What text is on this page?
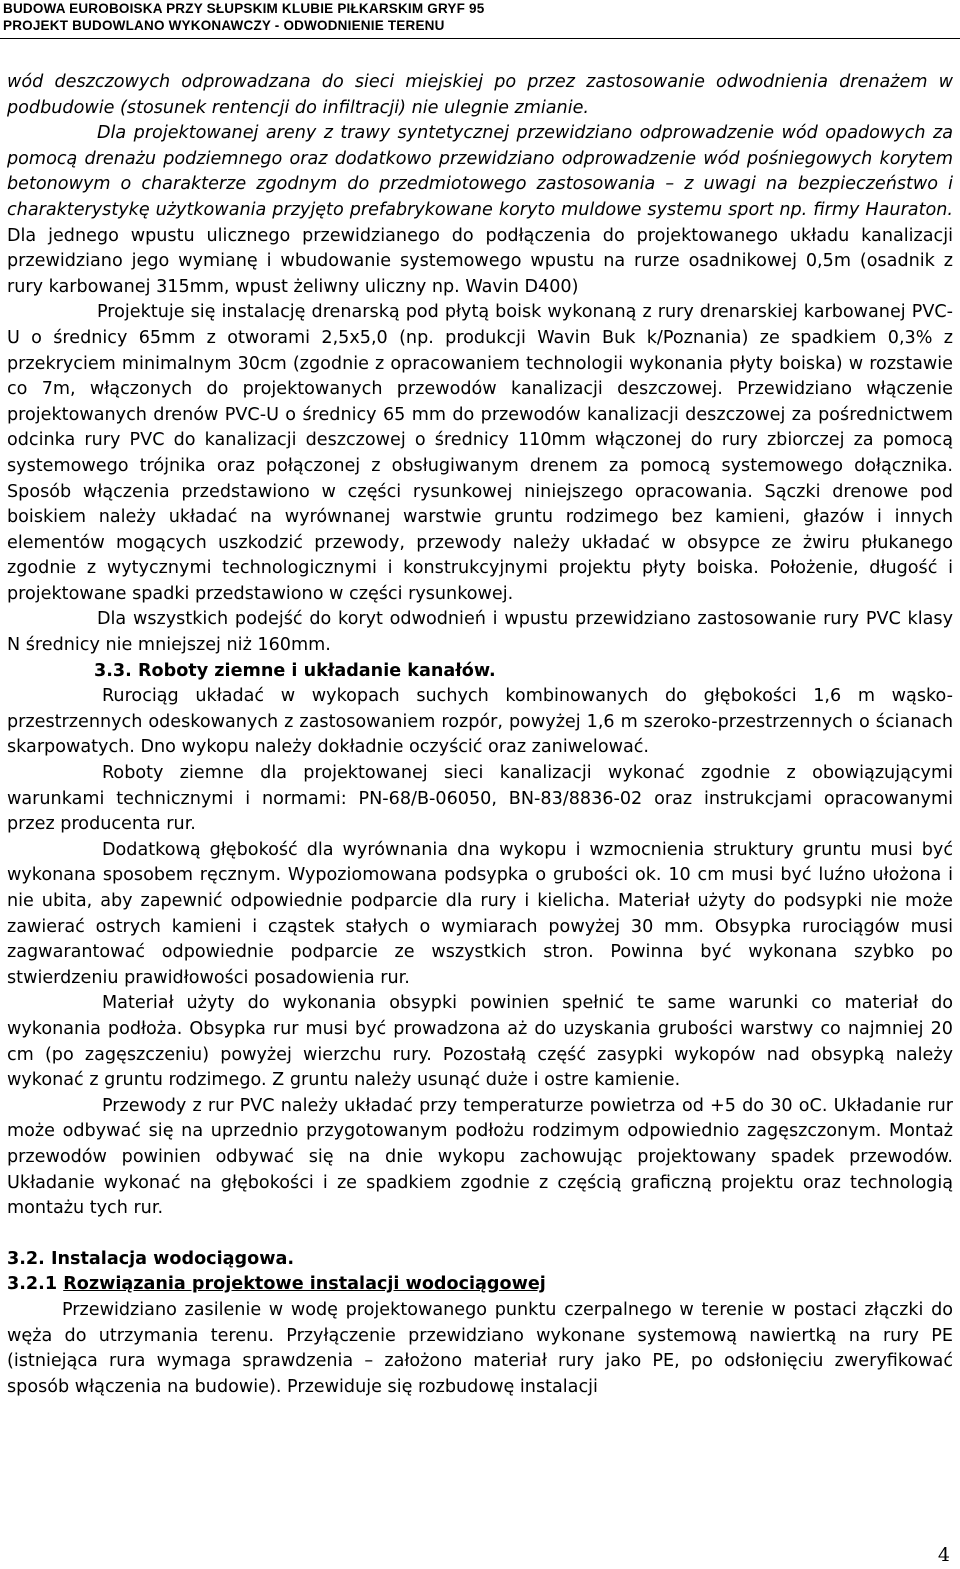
BUDOWA EUROBOISKA PRZY SŁUPSKIM KLUBIE PIŁKARSKIM GRYF 95
PROJEKT BUDOWLANO WYKONAWCZY - ODWODNIENIE TERENU

wód deszczowych odprowadzana do sieci miejskiej po przez zastosowanie odwodnienia drenażem w podbudowie (stosunek rentencji do infiltracji) nie ulegnie zmianie.

Dla projektowanej areny z trawy syntetycznej przewidziano odprowadzenie wód opadowych za pomocą drenażu podziemnego oraz dodatkowo przewidziano odprowadzenie wód pośniegowych korytem betonowym o charakterze zgodnym do przedmiotowego zastosowania – z uwagi na bezpieczeństwo i charakterystykę użytkowania przyjęto prefabrykowane koryto muldowe systemu sport np. firmy Hauraton. Dla jednego wpustu ulicznego przewidzianego do podłączenia do projektowanego układu kanalizacji przewidziano jego wymianę i wbudowanie systemowego wpustu na rurze osadnikowej 0,5m (osadnik z rury karbowanej 315mm, wpust żeliwny uliczny np. Wavin D400)

Projektuje się instalację drenarską pod płytą boisk wykonaną z rury drenarskiej karbowanej PVC-U o średnicy 65mm z otworami 2,5x5,0 (np. produkcji Wavin Buk k/Poznania) ze spadkiem 0,3% z przekryciem minimalnym 30cm (zgodnie z opracowaniem technologii wykonania płyty boiska) w rozstawie co 7m, włączonych do projektowanych przewodów kanalizacji deszczowej. Przewidziano włączenie projektowanych drenów PVC-U o średnicy 65 mm do przewodów kanalizacji deszczowej za pośrednictwem odcinka rury PVC do kanalizacji deszczowej o średnicy 110mm włączonej do rury zbiorczej za pomocą systemowego trójnika oraz połączonej z obsługiwanym drenem za pomocą systemowego dołącznika. Sposób włączenia przedstawiono w części rysunkowej niniejszego opracowania. Sączki drenowe pod boiskiem należy układać na wyrównanej warstwie gruntu rodzimego bez kamieni, głazów i innych elementów mogących uszkodzić przewody, przewody należy układać w obsypce ze żwiru płukanego zgodnie z wytycznymi technologicznymi i konstrukcyjnymi projektu płyty boiska. Położenie, długość i projektowane spadki przedstawiono w części rysunkowej.

Dla wszystkich podejść do koryt odwodnień i wpustu przewidziano zastosowanie rury PVC klasy N średnicy nie mniejszej niż 160mm.

3.3. Roboty ziemne i układanie kanałów.

Rurociąg układać w wykopach suchych kombinowanych do głębokości 1,6 m wąsko-przestrzennych odeskowanych z zastosowaniem rozpór, powyżej 1,6 m szeroko-przestrzennych o ścianach skarpowatych. Dno wykopu należy dokładnie oczyścić oraz zaniwelować.

Roboty ziemne dla projektowanej sieci kanalizacji wykonać zgodnie z obowiązującymi warunkami technicznymi i normami: PN-68/B-06050, BN-83/8836-02 oraz instrukcjami opracowanymi przez producenta rur.

Dodatkową głębokość dla wyrównania dna wykopu i wzmocnienia struktury gruntu musi być wykonana sposobem ręcznym. Wypoziomowana podsypka o grubości ok. 10 cm musi być luźno ułożona i nie ubita, aby zapewnić odpowiednie podparcie dla rury i kielicha. Materiał użyty do podsypki nie może zawierać ostrych kamieni i cząstek stałych o wymiarach powyżej 30 mm. Obsypka rurociągów musi zagwarantować odpowiednie podparcie ze wszystkich stron. Powinna być wykonana szybko po stwierdzeniu prawidłowości posadowienia rur.

Materiał użyty do wykonania obsypki powinien spełnić te same warunki co materiał do wykonania podłoża. Obsypka rur musi być prowadzona aż do uzyskania grubości warstwy co najmniej 20 cm (po zagęszczeniu) powyżej wierzchu rury. Pozostałą część zasypki wykopów nad obsypką należy wykonać z gruntu rodzimego. Z gruntu należy usunąć duże i ostre kamienie.

Przewody z rur PVC należy układać przy temperaturze powietrza od +5 do 30 oC. Układanie rur może odbywać się na uprzednio przygotowanym podłożu rodzimym odpowiednio zagęszczonym. Montaż przewodów powinien odbywać się na dnie wykopu zachowując projektowany spadek przewodów. Układanie wykonać na głębokości i ze spadkiem zgodnie z częścią graficzną projektu oraz technologią montażu tych rur.

3.2. Instalacja wodociągowa.

3.2.1 Rozwiązania projektowe instalacji wodociągowej

Przewidziano zasilenie w wodę projektowanego punktu czerpalnego w terenie w postaci złączki do węża do utrzymania terenu. Przyłączenie przewidziano wykonane systemową nawiertką na rury PE (istniejąca rura wymaga sprawdzenia – założono materiał rury jako PE, po odsłonięciu zweryfikować sposób włączenia na budowie). Przewiduje się rozbudowę instalacji

4
